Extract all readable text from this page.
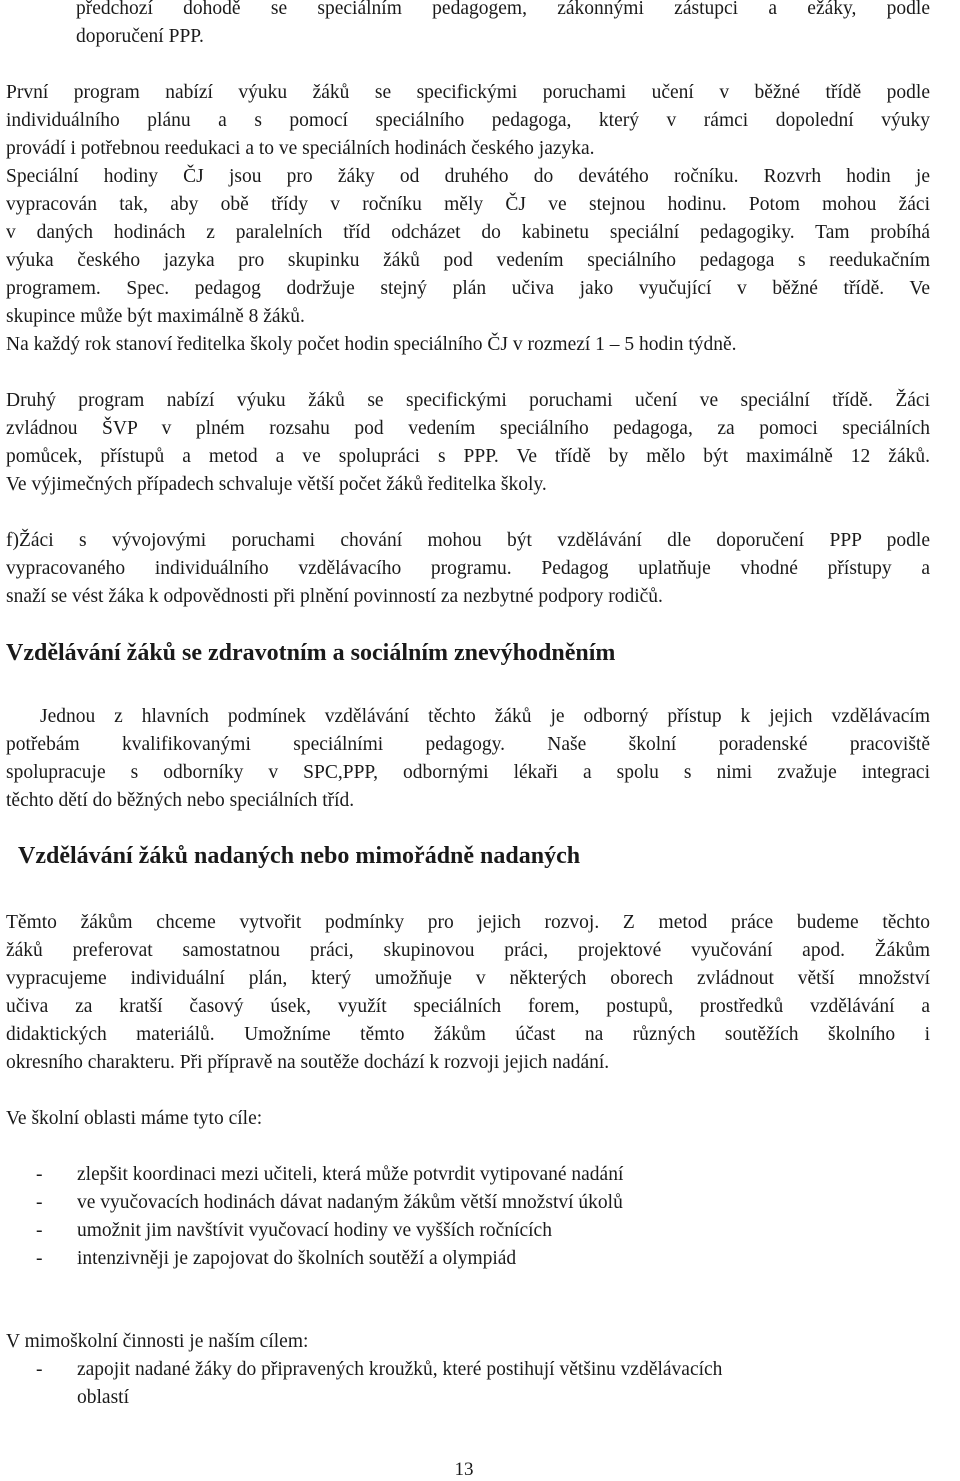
předchozí dohodě se speciálním pedagogem, zákonnými zástupci a ežáky, podle

doporučení PPP.

První program nabízí výuku žáků se specifickými poruchami učení v běžné třídě podle

individuálního plánu a s pomocí speciálního pedagoga, který v rámci dopolední výuky

provádí i potřebnou reedukaci a to ve speciálních hodinách českého jazyka.

Speciální hodiny ČJ jsou pro žáky od druhého do devátého ročníku. Rozvrh hodin je

vypracován tak, aby obě třídy v ročníku měly ČJ ve stejnou hodinu. Potom mohou žáci

v daných hodinách z paralelních tříd odcházet do kabinetu speciální pedagogiky. Tam probíhá

výuka českého jazyka pro skupinku žáků pod vedením speciálního pedagoga s reedukačním

programem. Spec. pedagog dodržuje stejný plán učiva jako vyučující v běžné třídě. Ve

skupince může být maximálně 8 žáků.

Na každý rok stanoví ředitelka školy počet hodin speciálního ČJ v rozmezí 1 – 5 hodin týdně.

Druhý program nabízí výuku žáků se specifickými poruchami učení ve speciální třídě. Žáci

zvládnou ŠVP v plném rozsahu pod vedením speciálního pedagoga, za pomoci speciálních

pomůcek, přístupů a metod a ve spolupráci s PPP. Ve třídě by mělo být maximálně 12 žáků.

Ve výjimečných případech schvaluje větší počet žáků ředitelka školy.

f)Žáci s vývojovými poruchami chování mohou být vzdělávání dle doporučení PPP podle

vypracovaného individuálního vzdělávacího programu. Pedagog uplatňuje vhodné přístupy a

snaží se vést žáka k odpovědnosti při plnění povinností za nezbytné podpory rodičů.

Vzdělávání žáků se zdravotním a sociálním znevýhodněním

Jednou z hlavních podmínek vzdělávání těchto žáků je odborný přístup k jejich vzdělávacím

potřebám kvalifikovanými speciálními pedagogy. Naše školní poradenské pracoviště

spolupracuje s odborníky v SPC,PPP, odbornými lékaři a spolu s nimi zvažuje integraci

těchto dětí do běžných nebo speciálních tříd.

Vzdělávání žáků nadaných nebo mimořádně nadaných

Těmto žákům chceme vytvořit podmínky pro jejich rozvoj. Z metod práce budeme těchto

žáků preferovat samostatnou práci, skupinovou práci, projektové vyučování apod. Žákům

vypracujeme individuální plán, který umožňuje v některých oborech zvládnout větší množství

učiva za kratší časový úsek, využít speciálních forem, postupů, prostředků vzdělávání a

didaktických materiálů. Umožníme těmto žákům účast na různých soutěžích školního i

okresního charakteru. Při přípravě na soutěže dochází k rozvoji jejich nadání.

Ve školní oblasti máme tyto cíle:

- zlepšit koordinaci mezi učiteli, která může potvrdit vytipované nadání

- ve vyučovacích hodinách dávat nadaným žákům větší množství úkolů

- umožnit jim navštívit vyučovací hodiny ve vyšších ročnících

- intenzivněji je zapojovat do školních soutěží a olympiád

V mimoškolní činnosti je naším cílem:

- zapojit nadané žáky do připravených kroužků, které postihují většinu vzdělávacích

oblastí

13
